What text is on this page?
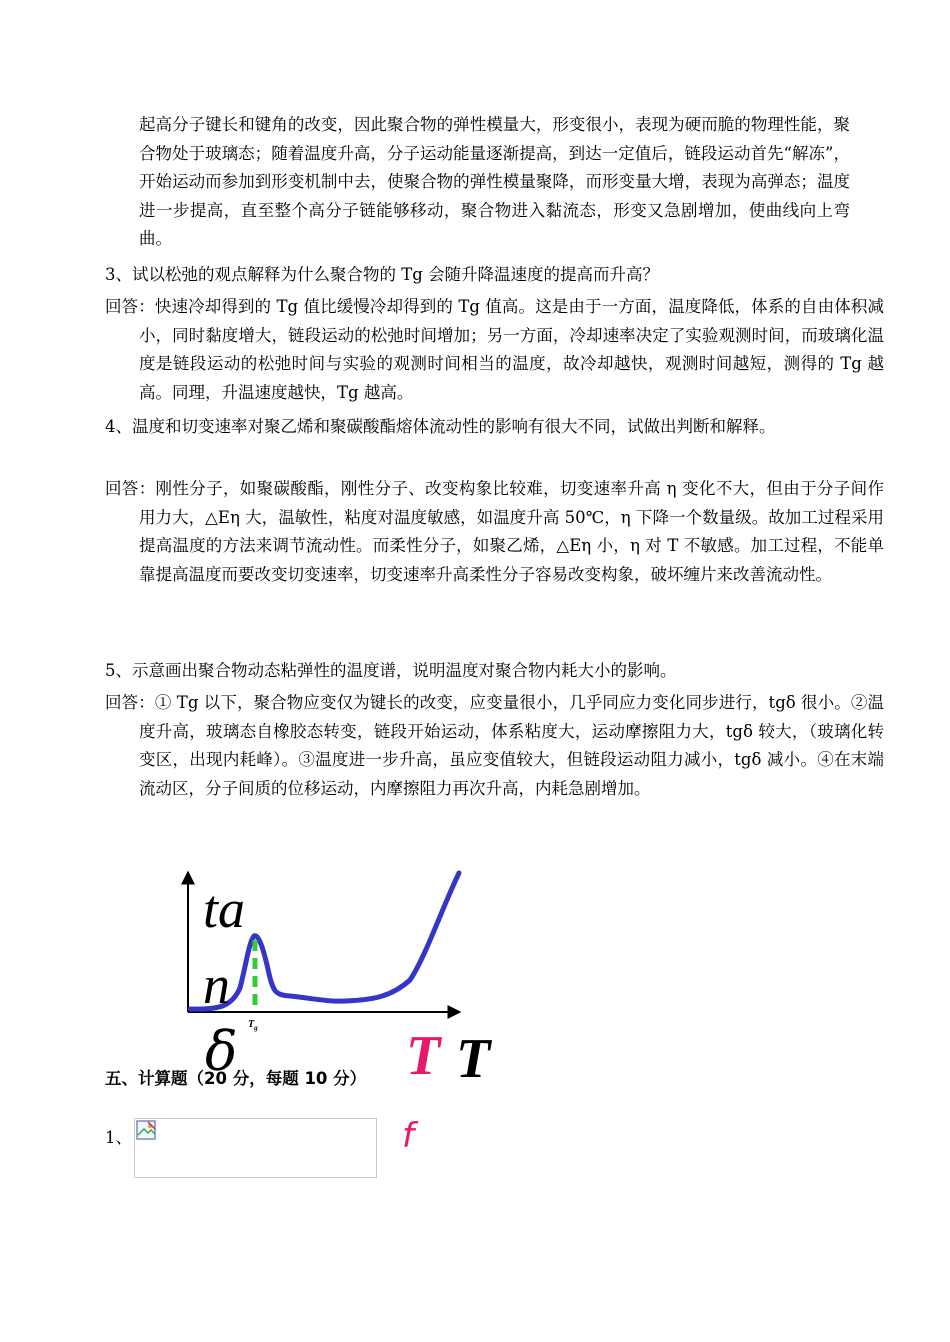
起高分子键长和键角的改变，因此聚合物的弹性模量大，形变很小，表现为硬而脆的物理性能，聚合物处于玻璃态；随着温度升高，分子运动能量逐渐提高，到达一定值后，链段运动首先“解冻”，开始运动而参加到形变机制中去，使聚合物的弹性模量聚降，而形变量大增，表现为高弹态；温度进一步提高，直至整个高分子链能够移动，聚合物进入黏流态，形变又急剧增加，使曲线向上弯曲。
3、试以松弛的观点解释为什么聚合物的 Tg 会随升降温速度的提高而升高？
回答：快速冷却得到的 Tg 值比缓慢冷却得到的 Tg 值高。这是由于一方面，温度降低，体系的自由体积减小，同时黏度增大，链段运动的松弛时间增加；另一方面，冷却速率决定了实验观测时间，而玻璃化温度是链段运动的松弛时间与实验的观测时间相当的温度，故冷却越快，观测时间越短，测得的 Tg 越高。同理，升温速度越快，Tg 越高。
4、温度和切变速率对聚乙烯和聚碳酸酯熔体流动性的影响有很大不同，试做出判断和解释。
回答：刚性分子，如聚碳酸酯，刚性分子、改变构象比较难，切变速率升高 η 变化不大，但由于分子间作用力大，△Eη 大，温敏性，粘度对温度敏感，如温度升高 50℃，η 下降一个数量级。故加工过程采用提高温度的方法来调节流动性。而柔性分子，如聚乙烯，△Eη 小，η 对 T 不敏感。加工过程，不能单靠提高温度而要改变切变速率，切变速率升高柔性分子容易改变构象，破坏缠片来改善流动性。
5、示意画出聚合物动态粘弹性的温度谱，说明温度对聚合物内耗大小的影响。
回答：① Tg 以下，聚合物应变仅为键长的改变，应变量很小，几乎同应力变化同步进行，tgδ 很小。②温度升高，玻璃态自橡胶态转变，链段开始运动，体系粘度大，运动摩擦阻力大，tgδ 较大，（玻璃化转变区，出现内耗峰）。③温度进一步升高，虽应变值较大，但链段运动阻力减小，tgδ 减小。④在末端流动区，分子间质的位移运动，内摩擦阻力再次升高，内耗急剧增加。
ta
n
δ $T_g$	T T
五、计算题（20 分，每题 10 分）
1、	f
